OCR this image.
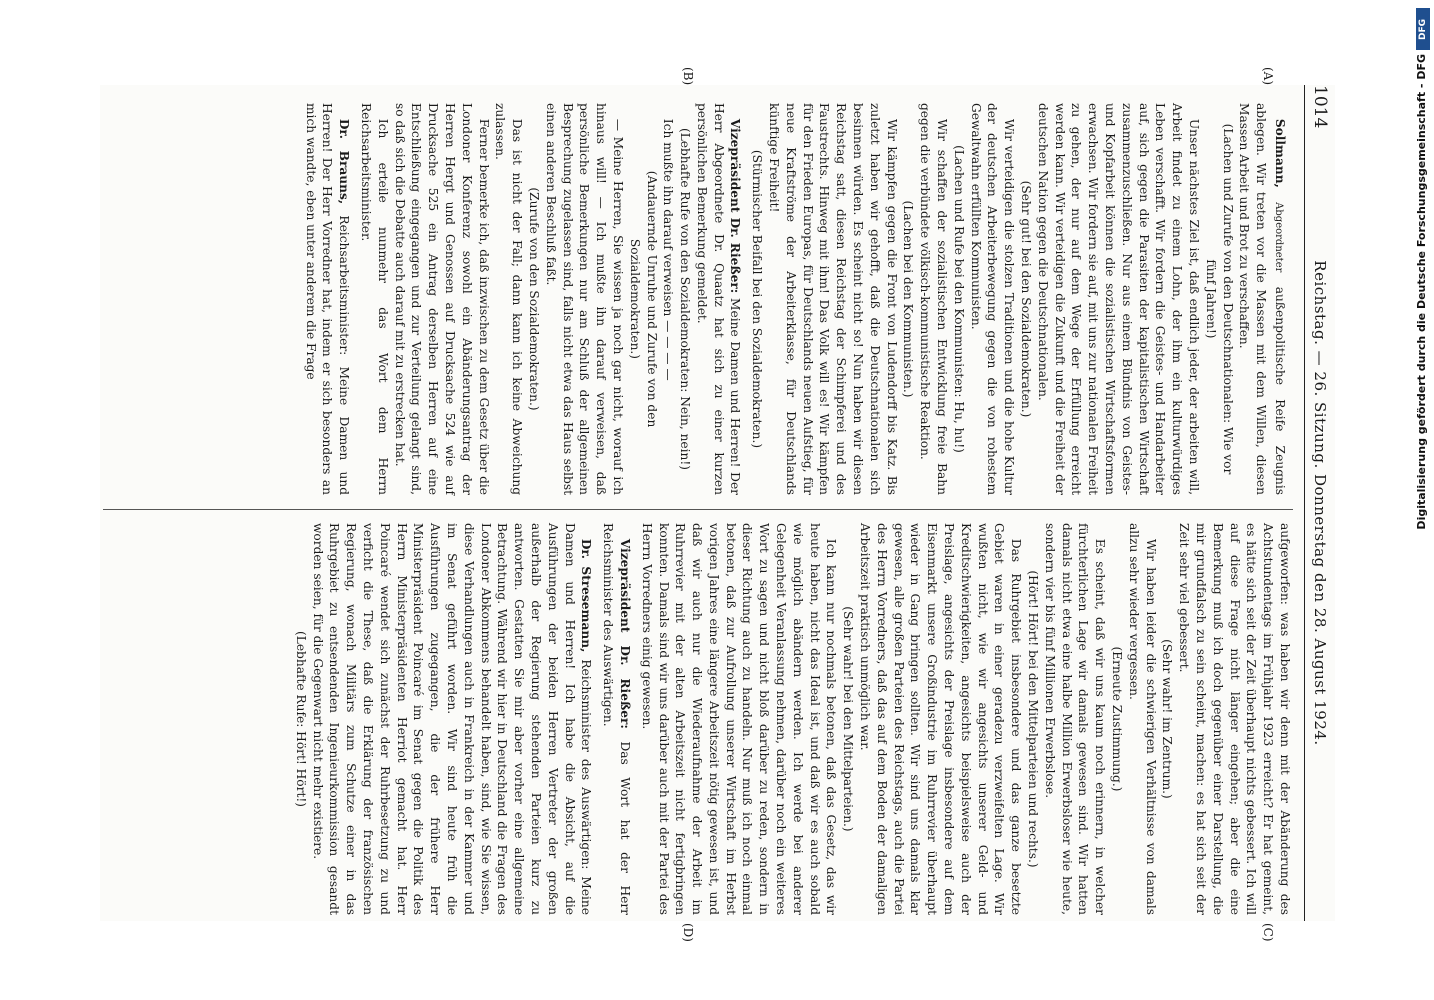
1014
Reichstag. — 26. Sitzung. Donnerstag den 28. August 1924.
(A)
(B)
(C)
(D)

Sollmann, Abgeordneter außenpolitische Reife Zeugnis ablegen. Wir treten vor die Massen mit dem Willen, diesen Massen Arbeit und Brot zu verschaffen.

(Lachen und Zurufe von den Deutschnationalen: Wie vor fünf Jahren!)

Unser nächstes Ziel ist, daß endlich jeder, der arbeiten will, Arbeit findet zu einem Lohn, der ihm ein kulturwürdiges Leben verschafft. Wir fordern die Geistes- und Handarbeiter auf, sich gegen die Parasiten der kapitalistischen Wirtschaft zusammenzuschließen. Nur aus einem Bündnis von Geistes- und Kopfarbeit können die sozialistischen Wirtschaftsformen erwachsen. Wir fordern sie auf, mit uns zur nationalen Freiheit zu gehen, der nur auf dem Wege der Erfüllung erreicht werden kann. Wir verteidigen die Zukunft und die Freiheit der deutschen Nation gegen die Deutschnationalen.

(Sehr gut! bei den Sozialdemokraten.)

Wir verteidigen die stolzen Traditionen und die hohe Kultur der deutschen Arbeiterbewegung gegen die von rohestem Gewaltwahn erfüllten Kommunisten.

(Lachen und Rufe bei den Kommunisten: Hu, hu!)

Wir schaffen der sozialistischen Entwicklung freie Bahn gegen die verbündete völkisch-kommunistische Reaktion.

(Lachen bei den Kommunisten.)

Wir kämpfen gegen die Front von Ludendorff bis Katz. Bis zuletzt haben wir gehofft, daß die Deutschnationalen sich besinnen würden. Es scheint nicht so! Nun haben wir diesen Reichstag satt, diesen Reichstag der Schimpferei und des Faustrechts. Hinweg mit ihm! Das Volk will es! Wir kämpfen für den Frieden Europas, für Deutschlands neuen Aufstieg, für neue Kraftströme der Arbeiterklasse, für Deutschlands künftige Freiheit!

(Stürmischer Beifall bei den Sozialdemokraten.)

Vizepräsident Dr. Rießer: Meine Damen und Herren! Der Herr Abgeordnete Dr. Quaatz hat sich zu einer kurzen persönlichen Bemerkung gemeldet.

(Lebhafte Rufe von den Sozialdemokraten: Nein, nein!)

Ich mußte ihn darauf verweisen — — — —

(Andauernde Unruhe und Zurufe von den Sozialdemokraten.)

— Meine Herren, Sie wissen ja noch gar nicht, worauf ich hinaus will! — Ich mußte ihn darauf verweisen, daß persönliche Bemerkungen nur am Schluß der allgemeinen Besprechung zugelassen sind, falls nicht etwa das Haus selbst einen anderen Beschluß faßt.

(Zurufe von den Sozialdemokraten.)

Das ist nicht der Fall; dann kann ich keine Abweichung zulassen.

Ferner bemerke ich, daß inzwischen zu dem Gesetz über die Londoner Konferenz sowohl ein Abänderungsantrag der Herren Hergt und Genossen auf Drucksache 524 wie auf Drucksache 525 ein Antrag derselben Herren auf eine Entschließung eingegangen und zur Verteilung gelangt sind, so daß sich die Debatte auch darauf mit zu erstrecken hat.

Ich erteile nunmehr das Wort dem Herrn Reichsarbeitsminister.

Dr. Brauns, Reichsarbeitsminister: Meine Damen und Herren! Der Herr Vorredner hat, indem er sich besonders an mich wandte, eben unter anderem die Frage

aufgeworfen: was haben wir denn mit der Abänderung des Achtstundentags im Frühjahr 1923 erreicht? Er hat gemeint, es hätte sich seit der Zeit überhaupt nichts gebessert. Ich will auf diese Frage nicht länger eingehen; aber die eine Bemerkung muß ich doch gegenüber einer Darstellung, die mir grundfalsch zu sein scheint, machen: es hat sich seit der Zeit sehr viel gebessert.

(Sehr wahr! im Zentrum.)

Wir haben leider die schwierigen Verhältnisse von damals allzu sehr wieder vergessen.

(Erneute Zustimmung.)

Es scheint, daß wir uns kaum noch erinnern, in welcher fürchterlichen Lage wir damals gewesen sind. Wir hatten damals nicht etwa eine halbe Million Erwerbsloser wie heute, sondern vier bis fünf Millionen Erwerbslose.

(Hört! Hört! bei den Mittelparteien und rechts.)

Das Ruhrgebiet insbesondere und das ganze besetzte Gebiet waren in einer geradezu verzweifelten Lage. Wir wußten nicht, wie wir angesichts unserer Geld- und Kreditschwierigkeiten, angesichts beispielsweise auch der Preislage, angesichts der Preislage insbesondere auf dem Eisenmarkt unsere Großindustrie im Ruhrrevier überhaupt wieder in Gang bringen sollten. Wir sind uns damals klar gewesen, alle großen Parteien des Reichstags, auch die Partei des Herrn Vorredners, daß das auf dem Boden der damaligen Arbeitszeit praktisch unmöglich war.

(Sehr wahr! bei den Mittelparteien.)

Ich kann nur nochmals betonen, daß das Gesetz, das wir heute haben, nicht das Ideal ist, und daß wir es auch sobald wie möglich abändern werden. Ich werde bei anderer Gelegenheit Veranlassung nehmen, darüber noch ein weiteres Wort zu sagen und nicht bloß darüber zu reden, sondern in dieser Richtung auch zu handeln. Nur muß ich noch einmal betonen, daß zur Aufrollung unserer Wirtschaft im Herbst vorigen Jahres eine längere Arbeitszeit nötig gewesen ist, und daß wir auch nur die Wiederaufnahme der Arbeit im Ruhrrevier mit der alten Arbeitszeit nicht fertigbringen konnten. Damals sind wir uns darüber auch mit der Partei des Herrn Vorredners einig gewesen.

Vizepräsident Dr. Rießer: Das Wort hat der Herr Reichsminister des Auswärtigen.

Dr. Stresemann, Reichsminister des Auswärtigen: Meine Damen und Herren! Ich habe die Absicht, auf die Ausführungen der beiden Herren Vertreter der großen außerhalb der Regierung stehenden Parteien kurz zu antworten. Gestatten Sie mir aber vorher eine allgemeine Betrachtung. Während wir hier in Deutschland die Fragen des Londoner Abkommens behandelt haben, sind, wie Sie wissen, diese Verhandlungen auch in Frankreich in der Kammer und im Senat geführt worden. Wir sind heute früh die Ausführungen zugegangen, die der frühere Herr Ministerpräsident Poincaré im Senat gegen die Politik des Herrn Ministerpräsidenten Herriot gemacht hat. Herr Poincaré wendet sich zunächst der Ruhrbesetzung zu und verficht die These, daß die Erklärung der französischen Regierung, wonach Militärs zum Schutze einer in das Ruhrgebiet zu entsendenden Ingenieurkommission gesandt worden seien, für die Gegenwart nicht mehr existiere.

(Lebhafte Rufe: Hört! Hört!)

DFG
Digitalisierung gefördert durch die Deutsche Forschungsgemeinschaft - DFG
